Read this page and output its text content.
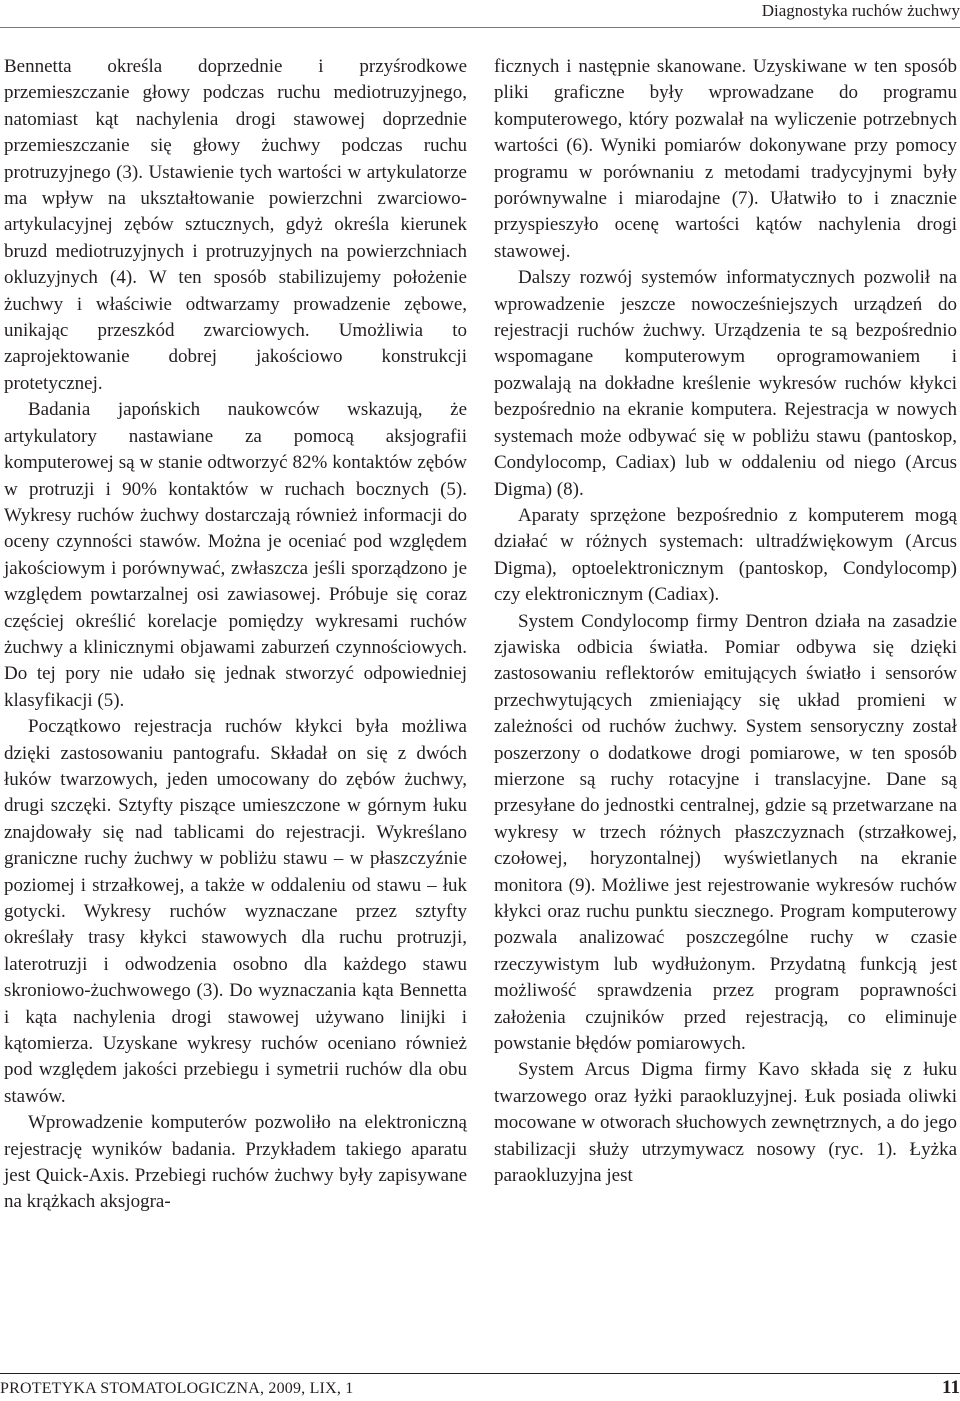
Diagnostyka ruchów żuchwy

Bennetta określa doprzednie i przyśrodkowe przemieszczanie głowy podczas ruchu mediotruzyjnego, natomiast kąt nachylenia drogi stawowej doprzednie przemieszczanie się głowy żuchwy podczas ruchu protruzyjnego (3). Ustawienie tych wartości w artykulatorze ma wpływ na ukształtowanie powierzchni zwarciowo-artykulacyjnej zębów sztucznych, gdyż określa kierunek bruzd mediotruzyjnych i protruzyjnych na powierzchniach okluzyjnych (4). W ten sposób stabilizujemy położenie żuchwy i właściwie odtwarzamy prowadzenie zębowe, unikając przeszkód zwarciowych. Umożliwia to zaprojektowanie dobrej jakościowo konstrukcji protetycznej.

Badania japońskich naukowców wskazują, że artykulatory nastawiane za pomocą aksjografii komputerowej są w stanie odtworzyć 82% kontaktów zębów w protruzji i 90% kontaktów w ruchach bocznych (5). Wykresy ruchów żuchwy dostarczają również informacji do oceny czynności stawów. Można je oceniać pod względem jakościowym i porównywać, zwłaszcza jeśli sporządzono je względem powtarzalnej osi zawiasowej. Próbuje się coraz częściej określić korelacje pomiędzy wykresami ruchów żuchwy a klinicznymi objawami zaburzeń czynnościowych. Do tej pory nie udało się jednak stworzyć odpowiedniej klasyfikacji (5).

Początkowo rejestracja ruchów kłykci była możliwa dzięki zastosowaniu pantografu. Składał on się z dwóch łuków twarzowych, jeden umocowany do zębów żuchwy, drugi szczęki. Sztyfty piszące umieszczone w górnym łuku znajdowały się nad tablicami do rejestracji. Wykreślano graniczne ruchy żuchwy w pobliżu stawu – w płaszczyźnie poziomej i strzałkowej, a także w oddaleniu od stawu – łuk gotycki. Wykresy ruchów wyznaczane przez sztyfty określały trasy kłykci stawowych dla ruchu protruzji, laterotruzji i odwodzenia osobno dla każdego stawu skroniowo-żuchwowego (3). Do wyznaczania kąta Bennetta i kąta nachylenia drogi stawowej używano linijki i kątomierza. Uzyskane wykresy ruchów oceniano również pod względem jakości przebiegu i symetrii ruchów dla obu stawów.

Wprowadzenie komputerów pozwoliło na elektroniczną rejestrację wyników badania. Przykładem takiego aparatu jest Quick-Axis. Przebiegi ruchów żuchwy były zapisywane na krążkach aksjogra-

ficznych i następnie skanowane. Uzyskiwane w ten sposób pliki graficzne były wprowadzane do programu komputerowego, który pozwalał na wyliczenie potrzebnych wartości (6). Wyniki pomiarów dokonywane przy pomocy programu w porównaniu z metodami tradycyjnymi były porównywalne i miarodajne (7). Ułatwiło to i znacznie przyspieszyło ocenę wartości kątów nachylenia drogi stawowej.

Dalszy rozwój systemów informatycznych pozwolił na wprowadzenie jeszcze nowocześniejszych urządzeń do rejestracji ruchów żuchwy. Urządzenia te są bezpośrednio wspomagane komputerowym oprogramowaniem i pozwalają na dokładne kreślenie wykresów ruchów kłykci bezpośrednio na ekranie komputera. Rejestracja w nowych systemach może odbywać się w pobliżu stawu (pantoskop, Condylocomp, Cadiax) lub w oddaleniu od niego (Arcus Digma) (8).

Aparaty sprzężone bezpośrednio z komputerem mogą działać w różnych systemach: ultradźwiękowym (Arcus Digma), optoelektronicznym (pantoskop, Condylocomp) czy elektronicznym (Cadiax).

System Condylocomp firmy Dentron działa na zasadzie zjawiska odbicia światła. Pomiar odbywa się dzięki zastosowaniu reflektorów emitujących światło i sensorów przechwytujących zmieniający się układ promieni w zależności od ruchów żuchwy. System sensoryczny został poszerzony o dodatkowe drogi pomiarowe, w ten sposób mierzone są ruchy rotacyjne i translacyjne. Dane są przesyłane do jednostki centralnej, gdzie są przetwarzane na wykresy w trzech różnych płaszczyznach (strzałkowej, czołowej, horyzontalnej) wyświetlanych na ekranie monitora (9). Możliwe jest rejestrowanie wykresów ruchów kłykci oraz ruchu punktu siecznego. Program komputerowy pozwala analizować poszczególne ruchy w czasie rzeczywistym lub wydłużonym. Przydatną funkcją jest możliwość sprawdzenia przez program poprawności założenia czujników przed rejestracją, co eliminuje powstanie błędów pomiarowych.

System Arcus Digma firmy Kavo składa się z łuku twarzowego oraz łyżki paraokluzyjnej. Łuk posiada oliwki mocowane w otworach słuchowych zewnętrznych, a do jego stabilizacji służy utrzymywacz nosowy (ryc. 1). Łyżka paraokluzyjna jest

PROTETYKA STOMATOLOGICZNA, 2009, LIX, 1	11
